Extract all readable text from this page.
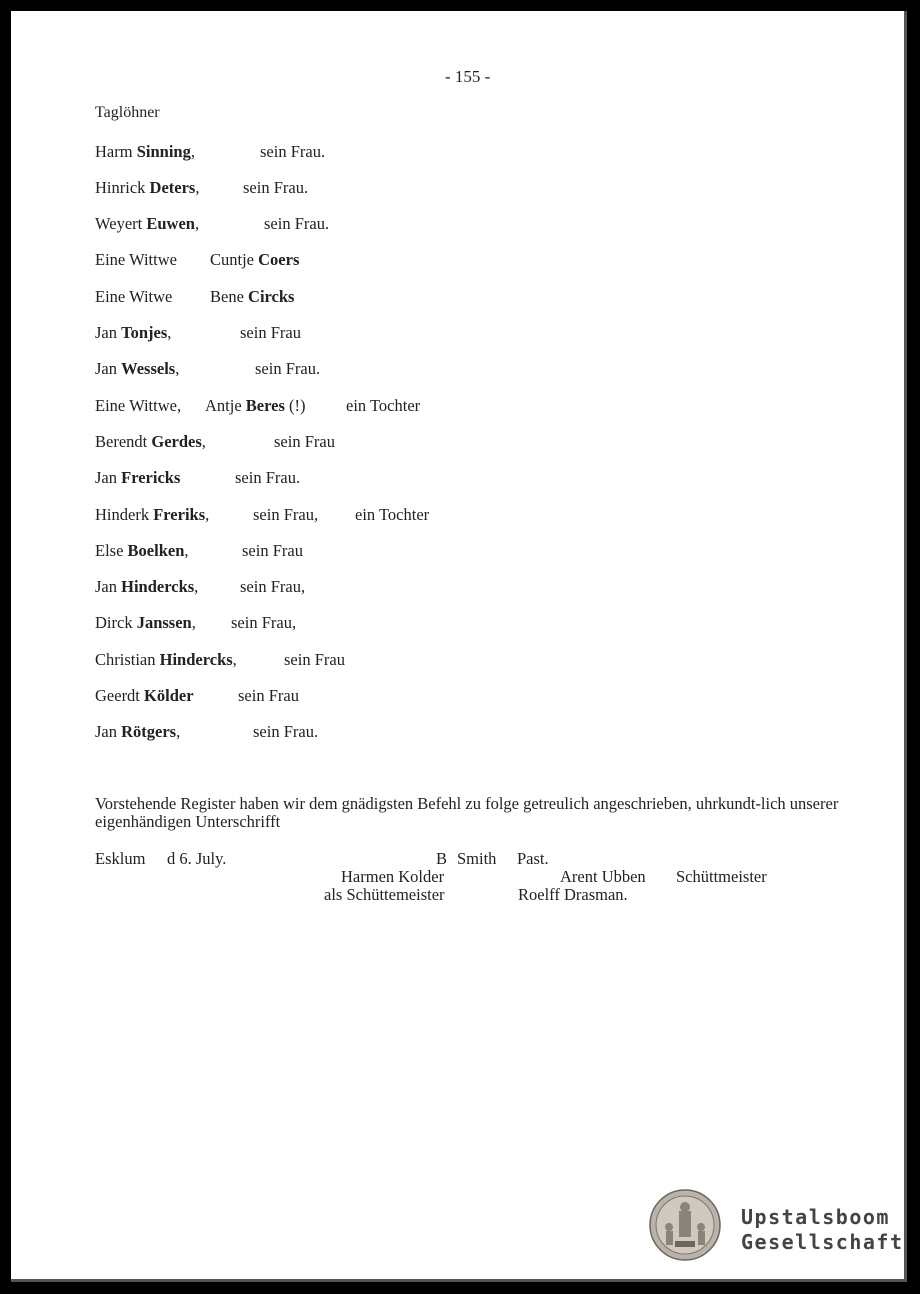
- 155 -
Taglöhner
Harm Sinning,	sein Frau.
Hinrick Deters,	sein Frau.
Weyert Euwen,	sein Frau.
Eine Wittwe Cuntje Coers
Eine Witwe Bene Circks
Jan Tonjes,	sein Frau
Jan Wessels,	sein Frau.
Eine Wittwe, Antje Beres (!) ein Tochter
Berendt Gerdes,	sein Frau
Jan Frericks	sein Frau.
Hinderk Freriks,	sein Frau, ein Tochter
Else Boelken,	sein Frau
Jan Hindercks,	sein Frau,
Dirck Janssen, sein Frau,
Christian Hindercks,	sein Frau
Geerdt Kölder	sein Frau
Jan Rötgers,	sein Frau.
Vorstehende Register haben wir dem gnädigsten Befehl zu folge getreulich angeschrieben, uhrkundt-lich unserer eigenhändigen Unterschrifft
Esklum d 6. July.	B Smith Past.
Harmen Kolder
als Schüttemeister
Arent Ubben Schüttmeister
Roelff Drasman.
Upstalsboom
Gesellschaft
